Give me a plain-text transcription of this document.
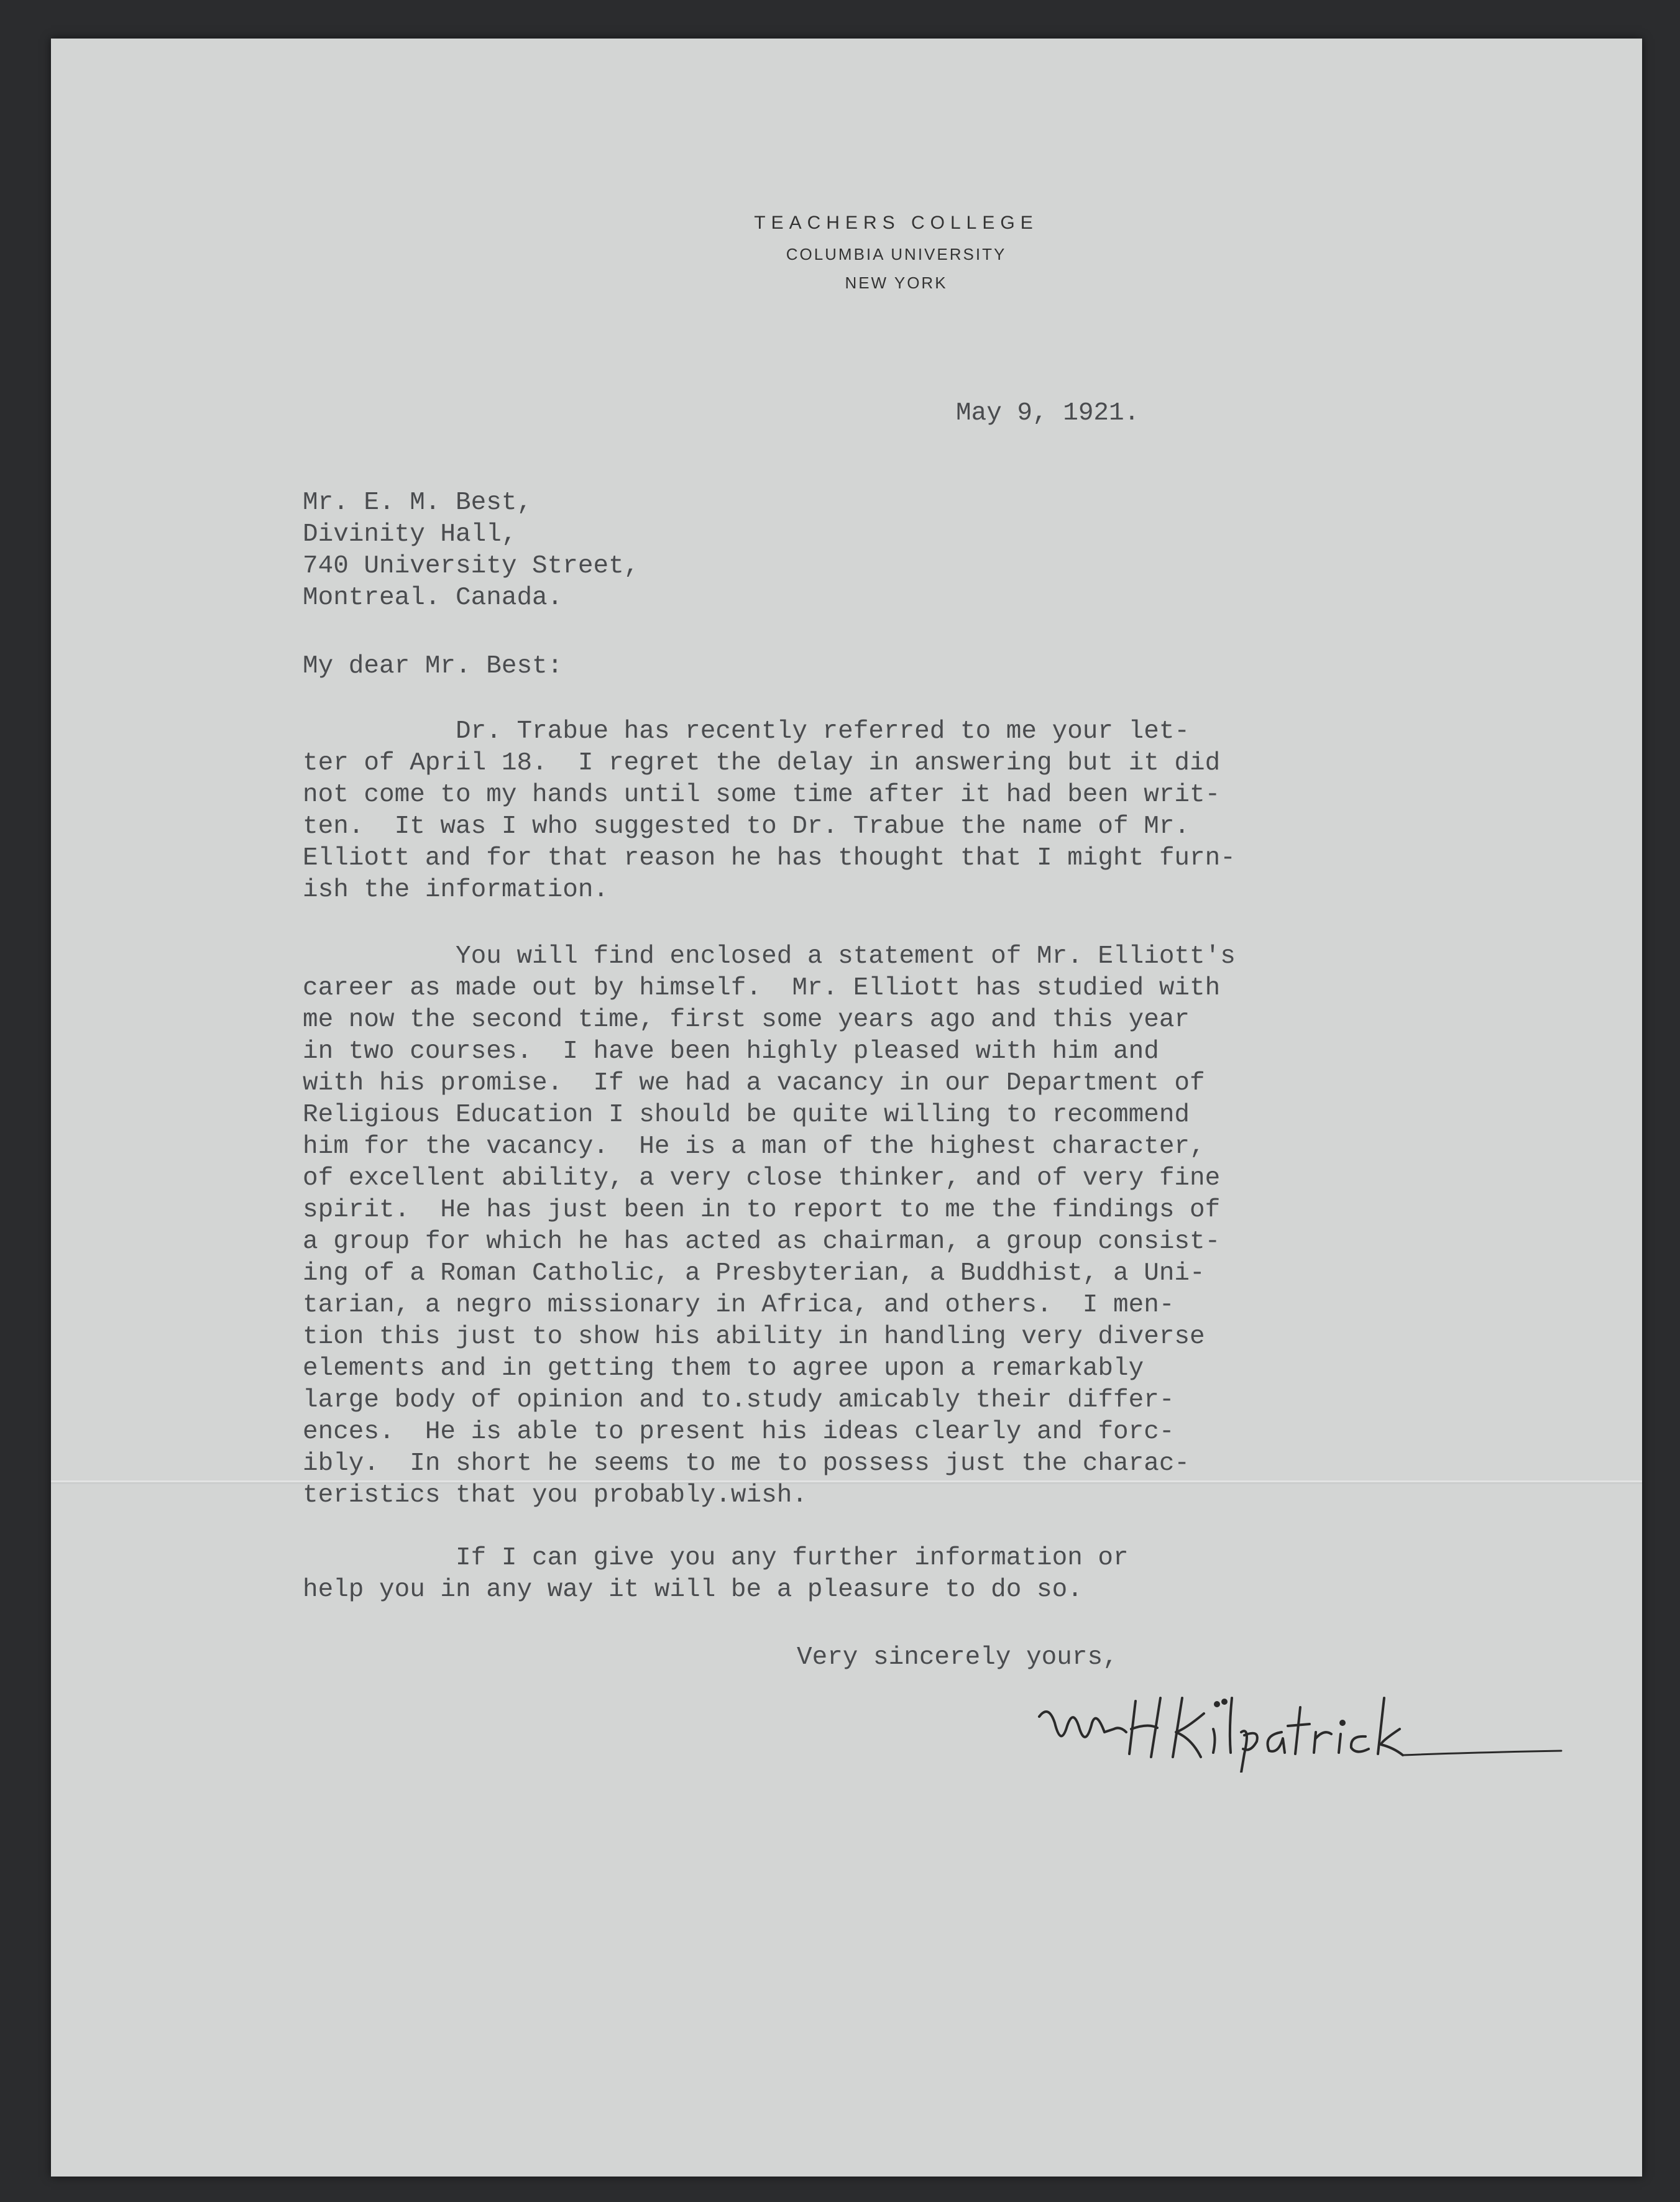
TEACHERS COLLEGE
COLUMBIA UNIVERSITY
NEW YORK
May 9, 1921.
Mr. E. M. Best,
Divinity Hall,
740 University Street,
Montreal. Canada.
My dear Mr. Best:
Dr. Trabue has recently referred to me your let-
ter of April 18.  I regret the delay in answering but it did
not come to my hands until some time after it had been writ-
ten.  It was I who suggested to Dr. Trabue the name of Mr.
Elliott and for that reason he has thought that I might furn-
ish the information.
You will find enclosed a statement of Mr. Elliott's
career as made out by himself.  Mr. Elliott has studied with
me now the second time, first some years ago and this year
in two courses.  I have been highly pleased with him and
with his promise.  If we had a vacancy in our Department of
Religious Education I should be quite willing to recommend
him for the vacancy.  He is a man of the highest character,
of excellent ability, a very close thinker, and of very fine
spirit.  He has just been in to report to me the findings of
a group for which he has acted as chairman, a group consist-
ing of a Roman Catholic, a Presbyterian, a Buddhist, a Uni-
tarian, a negro missionary in Africa, and others.  I men-
tion this just to show his ability in handling very diverse
elements and in getting them to agree upon a remarkably
large body of opinion and to.study amicably their differ-
ences.  He is able to present his ideas clearly and forc-
ibly.  In short he seems to me to possess just the charac-
teristics that you probably.wish.
If I can give you any further information or
help you in any way it will be a pleasure to do so.
Very sincerely yours,
